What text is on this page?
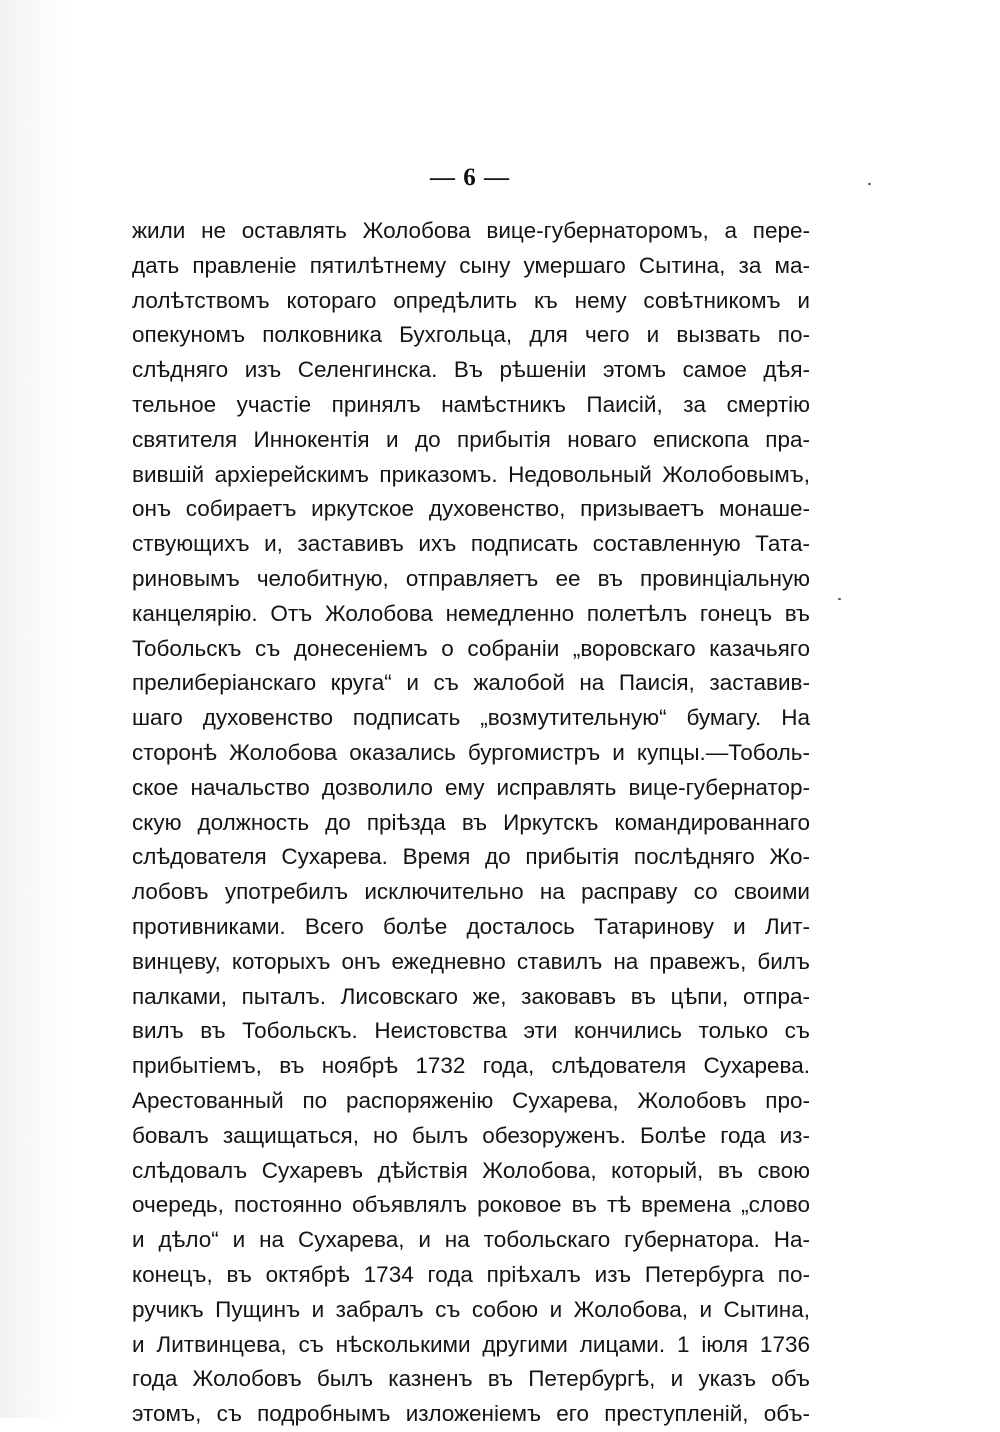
— 6 —
жили не оставлять Жолобова вице-губернаторомъ, а пере-
дать правленіе пятилѣтнему сыну умершаго Сытина, за ма-
лолѣтствомъ котораго опредѣлить къ нему совѣтникомъ и
опекуномъ полковника Бухгольца, для чего и вызвать по-
слѣдняго изъ Селенгинска. Въ рѣшеніи этомъ самое дѣя-
тельное участіе принялъ намѣстникъ Паисій, за смертію
святителя Иннокентія и до прибытія новаго епископа пра-
вившій архіерейскимъ приказомъ. Недовольный Жолобовымъ,
онъ собираетъ иркутское духовенство, призываетъ монаше-
ствующихъ и, заставивъ ихъ подписать составленную Тата-
риновымъ челобитную, отправляетъ ее въ провинціальную
канцелярію. Отъ Жолобова немедленно полетѣлъ гонецъ въ
Тобольскъ съ донесеніемъ о собраніи „воровскаго казачьяго
прелиберіанскаго круга“ и съ жалобой на Паисія, заставив-
шаго духовенство подписать „возмутительную“ бумагу. На
сторонѣ Жолобова оказались бургомистръ и купцы.—Тоболь-
ское начальство дозволило ему исправлять вице-губернатор-
скую должность до пріѣзда въ Иркутскъ командированнаго
слѣдователя Сухарева. Время до прибытія послѣдняго Жо-
лобовъ употребилъ исключительно на расправу со своими
противниками. Всего болѣе досталось Татаринову и Лит-
винцеву, которыхъ онъ ежедневно ставилъ на правежъ, билъ
палками, пыталъ. Лисовскаго же, заковавъ въ цѣпи, отпра-
вилъ въ Тобольскъ. Неистовства эти кончились только съ
прибытіемъ, въ ноябрѣ 1732 года, слѣдователя Сухарева.
Арестованный по распоряженію Сухарева, Жолобовъ про-
бовалъ защищаться, но былъ обезоруженъ. Болѣе года из-
слѣдовалъ Сухаревъ дѣйствія Жолобова, который, въ свою
очередь, постоянно объявлялъ роковое въ тѣ времена „слово
и дѣло“ и на Сухарева, и на тобольскаго губернатора. На-
конецъ, въ октябрѣ 1734 года пріѣхалъ изъ Петербурга по-
ручикъ Пущинъ и забралъ съ собою и Жолобова, и Сытина,
и Литвинцева, съ нѣсколькими другими лицами. 1 іюля 1736
года Жолобовъ былъ казненъ въ Петербургѣ, и указъ объ
этомъ, съ подробнымъ изложеніемъ его преступленій, объ-
